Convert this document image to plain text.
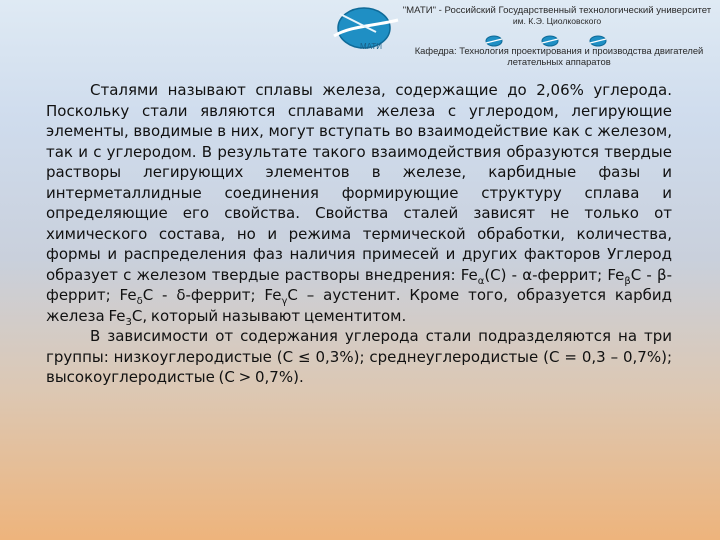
МАТИ
"МАТИ" - Российский Государственный технологический университет
им. К.Э. Циолковского
Кафедра: Технология проектирования и производства двигателей
летательных аппаратов

Сталями называют сплавы железа, содержащие до 2,06% углерода. Поскольку стали являются сплавами железа с углеродом, легирующие элементы, вводимые в них, могут вступать во взаимодействие как с железом, так и с углеродом. В результате такого взаимодействия образуются твердые растворы легирующих элементов в железе, карбидные фазы и интерметаллидные соединения формирующие структуру сплава и определяющие его свойства. Свойства сталей зависят не только от химического состава, но и режима термической обработки, количества, формы и распределения фаз наличия примесей и других факторов Углерод образует с железом твердые растворы внедрения: $Fe_\alpha(C)$ - α-феррит; $Fe_\beta C$ - β-феррит; $Fe_\delta C$ - δ-феррит; $Fe_\gamma C$ – аустенит. Кроме того, образуется карбид железа $Fe_3C$, который называют цементитом.

В зависимости от содержания углерода стали подразделяются на три группы: низкоуглеродистые (С ≤ 0,3%); среднеуглеродистые (С = 0,3 – 0,7%); высокоуглеродистые (С > 0,7%).
